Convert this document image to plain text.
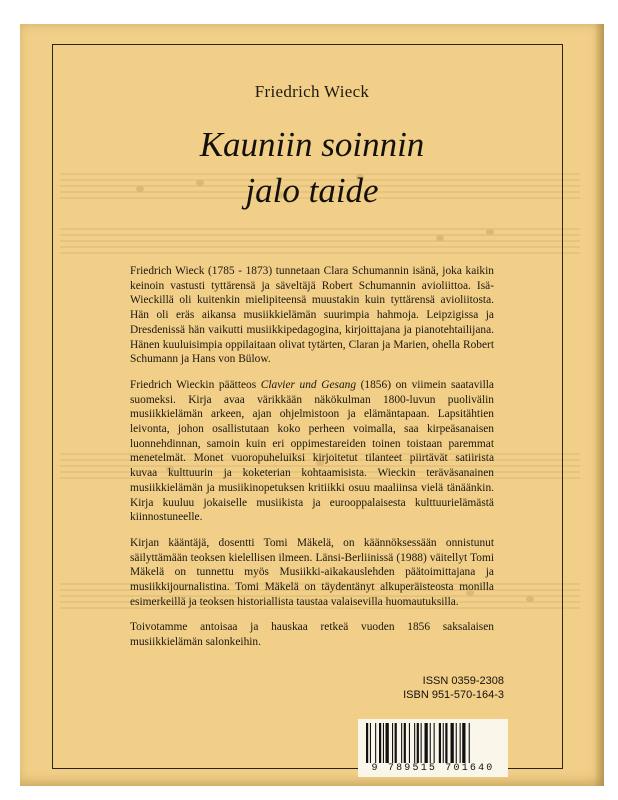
Friedrich Wieck
Kauniin soinnin
jalo taide

Friedrich Wieck (1785 - 1873) tunnetaan Clara Schumannin isänä, joka kaikin keinoin vastusti tyttärensä ja säveltäjä Robert Schumannin avioliittoa. Isä-Wieckillä oli kuitenkin mielipiteensä muustakin kuin tyttärensä avioliitosta. Hän oli eräs aikansa musiikkielämän suurimpia hahmoja. Leipzigissa ja Dresdenissä hän vaikutti musiikkipedagogina, kirjoittajana ja pianotehtailijana. Hänen kuuluisimpia oppilaitaan olivat tytärten, Claran ja Marien, ohella Robert Schumann ja Hans von Bülow.

Friedrich Wieckin päätteos Clavier und Gesang (1856) on viimein saatavilla suomeksi. Kirja avaa värikkään näkökulman 1800-luvun puolivälin musiikkielämän arkeen, ajan ohjelmistoon ja elämäntapaan. Lapsitähtien leivonta, johon osallistutaan koko perheen voimalla, saa kirpeäsanaisen luonnehdinnan, samoin kuin eri oppimestareiden toinen toistaan paremmat menetelmät. Monet vuoropuheluiksi kirjoitetut tilanteet piirtävät satiirista kuvaa kulttuurin ja koketerian kohtaamisista. Wieckin teräväsanainen musiikkielämän ja musiikinopetuksen kritiikki osuu maaliinsa vielä tänäänkin. Kirja kuuluu jokaiselle musiikista ja eurooppalaisesta kulttuurielämästä kiinnostuneelle.

Kirjan kääntäjä, dosentti Tomi Mäkelä, on käännöksessään onnistunut säilyttämään teoksen kielellisen ilmeen. Länsi-Berliinissä (1988) väitellyt Tomi Mäkelä on tunnettu myös Musiikki-aikakauslehden päätoimittajana ja musiikkijournalistina. Tomi Mäkelä on täydentänyt alkuperäisteosta monilla esimerkeillä ja teoksen historiallista taustaa valaisevilla huomautuksilla.

Toivotamme antoisaa ja hauskaa retkeä vuoden 1856 saksalaisen musiikkielämän salonkeihin.

ISSN 0359-2308
ISBN 951-570-164-3
9 789515 701640
